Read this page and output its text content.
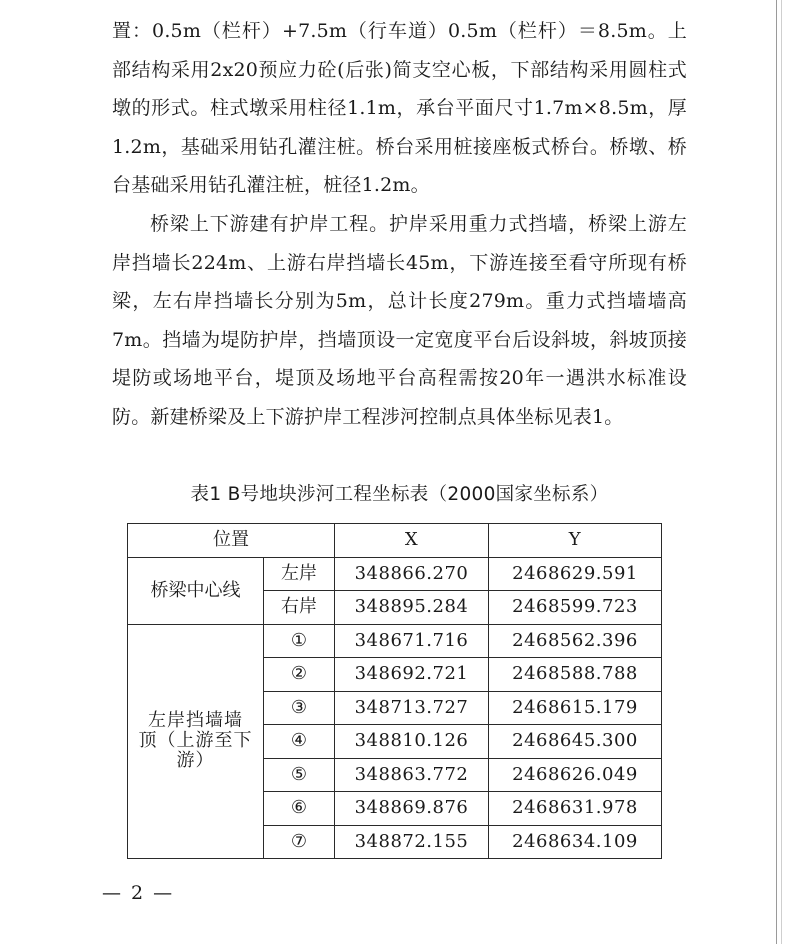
置：0.5m（栏杆）+7.5m（行车道）0.5m（栏杆）＝8.5m。上部结构采用2x20预应力砼(后张)简支空心板，下部结构采用圆柱式墩的形式。柱式墩采用柱径1.1m，承台平面尺寸1.7m×8.5m，厚1.2m，基础采用钻孔灌注桩。桥台采用桩接座板式桥台。桥墩、桥台基础采用钻孔灌注桩，桩径1.2m。

桥梁上下游建有护岸工程。护岸采用重力式挡墙，桥梁上游左岸挡墙长224m、上游右岸挡墙长45m，下游连接至看守所现有桥梁，左右岸挡墙长分别为5m，总计长度279m。重力式挡墙墙高7m。挡墙为堤防护岸，挡墙顶设一定宽度平台后设斜坡，斜坡顶接堤防或场地平台，堤顶及场地平台高程需按20年一遇洪水标准设防。新建桥梁及上下游护岸工程涉河控制点具体坐标见表1。

表1 B号地块涉河工程坐标表（2000国家坐标系）
位置		X	Y
桥梁中心线	左岸	348866.270	2468629.591
	右岸	348895.284	2468599.723
左岸挡墙墙
顶（上游至下
游）	①	348671.716	2468562.396
	②	348692.721	2468588.788
	③	348713.727	2468615.179
	④	348810.126	2468645.300
	⑤	348863.772	2468626.049
	⑥	348869.876	2468631.978
	⑦	348872.155	2468634.109
— 2 —
